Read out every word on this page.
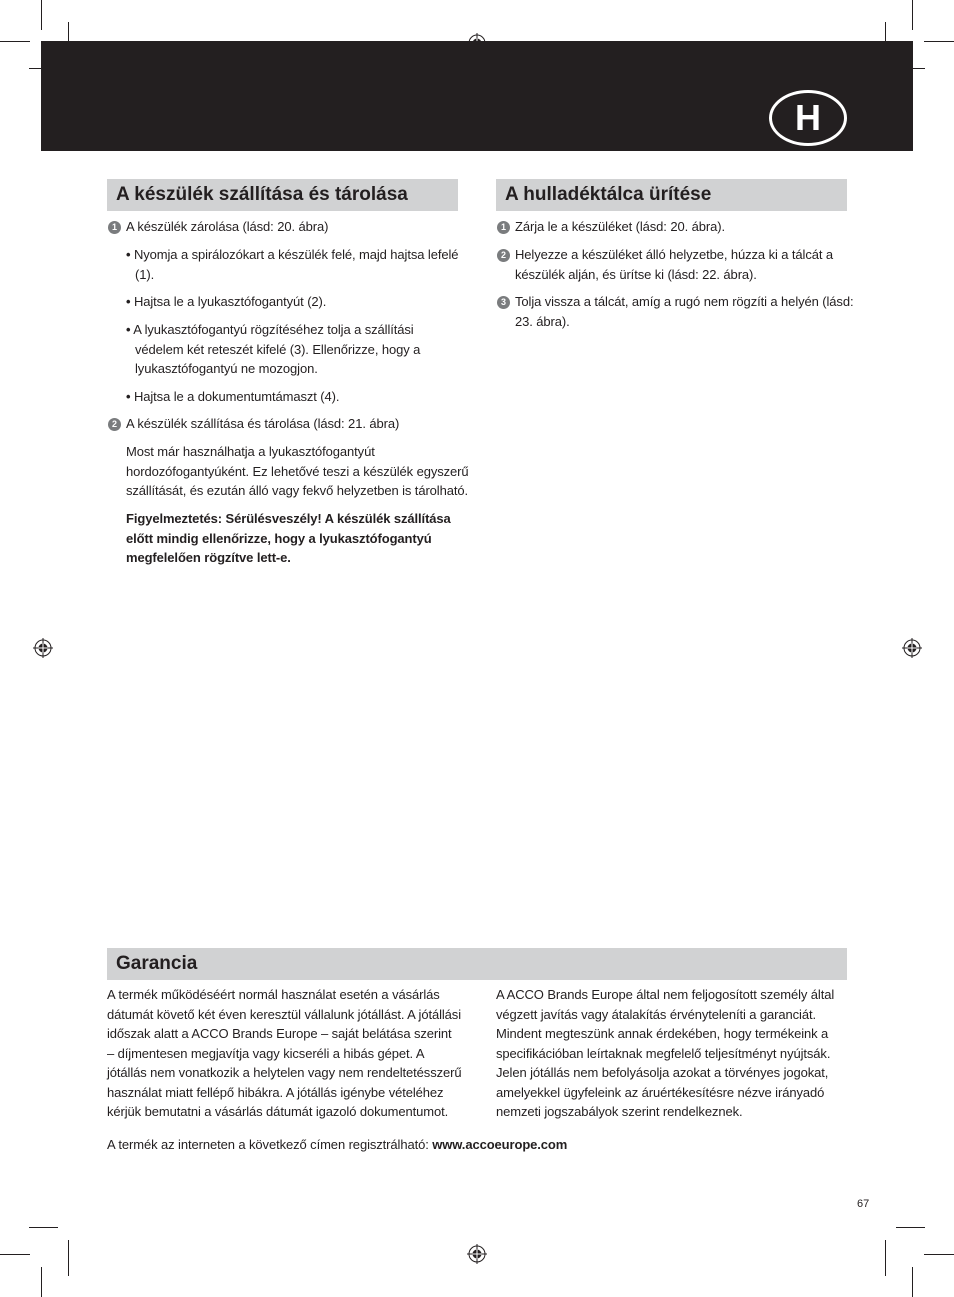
H
A készülék szállítása és tárolása
1 A készülék zárolása (lásd: 20. ábra)
• Nyomja a spirálozókart a készülék felé, majd hajtsa lefelé
(1).
• Hajtsa le a lyukasztófogantyút (2).
• A lyukasztófogantyú rögzítéséhez tolja a szállítási
védelem két reteszét kifelé (3). Ellenőrizze, hogy a
lyukasztófogantyú ne mozogjon.
• Hajtsa le a dokumentumtámaszt (4).
2 A készülék szállítása és tárolása (lásd: 21. ábra)
Most már használhatja a lyukasztófogantyút
hordozófogantyúként. Ez lehetővé teszi a készülék egyszerű
szállítását, és ezután álló vagy fekvő helyzetben is tárolható.
Figyelmeztetés: Sérülésveszély! A készülék szállítása
előtt mindig ellenőrizze, hogy a lyukasztófogantyú
megfelelően rögzítve lett-e.
A hulladéktálca ürítése
1 Zárja le a készüléket (lásd: 20. ábra).
2 Helyezze a készüléket álló helyzetbe, húzza ki a tálcát a
készülék alján, és ürítse ki (lásd: 22. ábra).
3 Tolja vissza a tálcát, amíg a rugó nem rögzíti a helyén (lásd:
23. ábra).
Garancia
A termék működéséért normál használat esetén a vásárlás
dátumát követő két éven keresztül vállalunk jótállást. A jótállási
időszak alatt a ACCO Brands Europe – saját belátása szerint
– díjmentesen megjavítja vagy kicseréli a hibás gépet. A
jótállás nem vonatkozik a helytelen vagy nem rendeltetésszerű
használat miatt fellépő hibákra. A jótállás igénybe vételéhez
kérjük bemutatni a vásárlás dátumát igazoló dokumentumot.
A ACCO Brands Europe által nem feljogosított személy által
végzett javítás vagy átalakítás érvényteleníti a garanciát.
Mindent megteszünk annak érdekében, hogy termékeink a
specifikációban leírtaknak megfelelő teljesítményt nyújtsák.
Jelen jótállás nem befolyásolja azokat a törvényes jogokat,
amelyekkel ügyfeleink az áruértékesítésre nézve irányadó
nemzeti jogszabályok szerint rendelkeznek.
A termék az interneten a következő címen regisztrálható: www.accoeurope.com
67
